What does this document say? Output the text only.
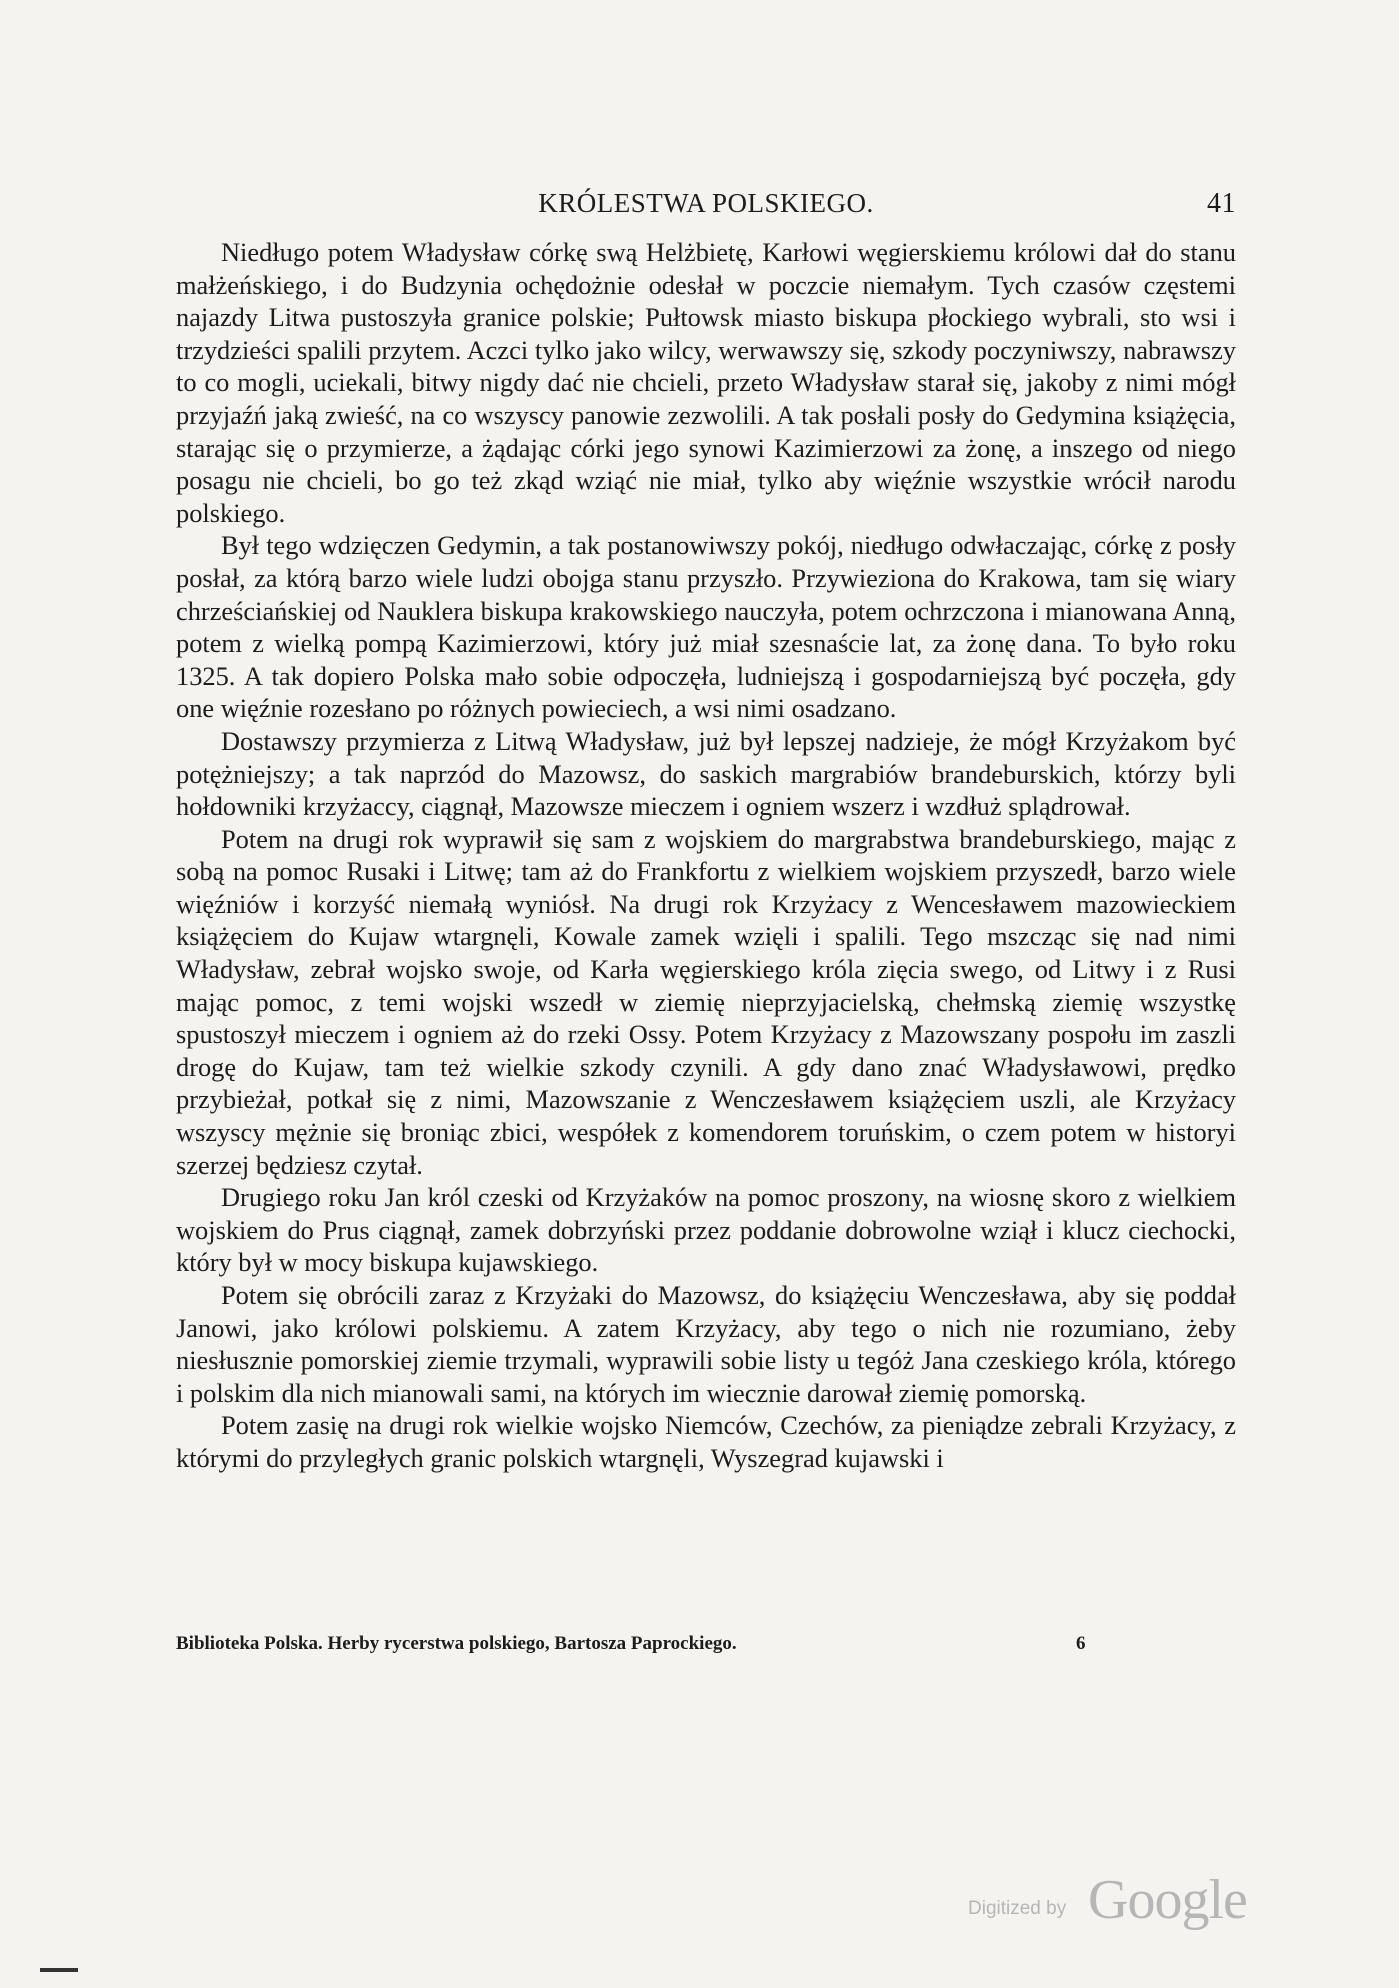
KRÓLESTWA POLSKIEGO.	41

Niedługo potem Władysław córkę swą Helżbietę, Karłowi węgierskiemu królowi dał do stanu małżeńskiego, i do Budzynia ochędożnie odesłał w poczcie niemałym. Tych czasów częstemi najazdy Litwa pustoszyła granice polskie; Pułtowsk miasto biskupa płockiego wybrali, sto wsi i trzydzieści spalili przytem. Aczci tylko jako wilcy, werwawszy się, szkody poczyniwszy, nabrawszy to co mogli, uciekali, bitwy nigdy dać nie chcieli, przeto Władysław starał się, jakoby z nimi mógł przyjaźń jaką zwieść, na co wszyscy panowie zezwolili. A tak posłali posły do Gedymina książęcia, starając się o przymierze, a żądając córki jego synowi Kazimierzowi za żonę, a inszego od niego posagu nie chcieli, bo go też zkąd wziąć nie miał, tylko aby więźnie wszystkie wrócił narodu polskiego.

Był tego wdzięczen Gedymin, a tak postanowiwszy pokój, niedługo odwłaczając, córkę z posły posłał, za którą barzo wiele ludzi obojga stanu przyszło. Przywieziona do Krakowa, tam się wiary chrześciańskiej od Nauklera biskupa krakowskiego nauczyła, potem ochrzczona i mianowana Anną, potem z wielką pompą Kazimierzowi, który już miał szesnaście lat, za żonę dana. To było roku 1325. A tak dopiero Polska mało sobie odpoczęła, ludniejszą i gospodarniejszą być poczęła, gdy one więźnie rozesłano po różnych powieciech, a wsi nimi osadzano.

Dostawszy przymierza z Litwą Władysław, już był lepszej nadzieje, że mógł Krzyżakom być potężniejszy; a tak naprzód do Mazowsz, do saskich margrabiów brandeburskich, którzy byli hołdowniki krzyżaccy, ciągnął, Mazowsze mieczem i ogniem wszerz i wzdłuż splądrował.

Potem na drugi rok wyprawił się sam z wojskiem do margrabstwa brandeburskiego, mając z sobą na pomoc Rusaki i Litwę; tam aż do Frankfortu z wielkiem wojskiem przyszedł, barzo wiele więźniów i korzyść niemałą wyniósł. Na drugi rok Krzyżacy z Wencesławem mazowieckiem książęciem do Kujaw wtargnęli, Kowale zamek wzięli i spalili. Tego mszcząc się nad nimi Władysław, zebrał wojsko swoje, od Karła węgierskiego króla zięcia swego, od Litwy i z Rusi mając pomoc, z temi wojski wszedł w ziemię nieprzyjacielską, chełmską ziemię wszystkę spustoszył mieczem i ogniem aż do rzeki Ossy. Potem Krzyżacy z Mazowszany pospołu im zaszli drogę do Kujaw, tam też wielkie szkody czynili. A gdy dano znać Władysławowi, prędko przybieżał, potkał się z nimi, Mazowszanie z Wenczesławem książęciem uszli, ale Krzyżacy wszyscy mężnie się broniąc zbici, wespółek z komendorem toruńskim, o czem potem w historyi szerzej będziesz czytał.

Drugiego roku Jan król czeski od Krzyżaków na pomoc proszony, na wiosnę skoro z wielkiem wojskiem do Prus ciągnął, zamek dobrzyński przez poddanie dobrowolne wziął i klucz ciechocki, który był w mocy biskupa kujawskiego.

Potem się obrócili zaraz z Krzyżaki do Mazowsz, do książęciu Wenczesława, aby się poddał Janowi, jako królowi polskiemu. A zatem Krzyżacy, aby tego o nich nie rozumiano, żeby niesłusznie pomorskiej ziemie trzymali, wyprawili sobie listy u tegóż Jana czeskiego króla, którego i polskim dla nich mianowali sami, na których im wiecznie darował ziemię pomorską.

Potem zasię na drugi rok wielkie wojsko Niemców, Czechów, za pieniądze zebrali Krzyżacy, z którymi do przyległych granic polskich wtargnęli, Wyszegrad kujawski i

Biblioteka Polska. Herby rycerstwa polskiego, Bartosza Paprockiego.	6
Digitized by Google
